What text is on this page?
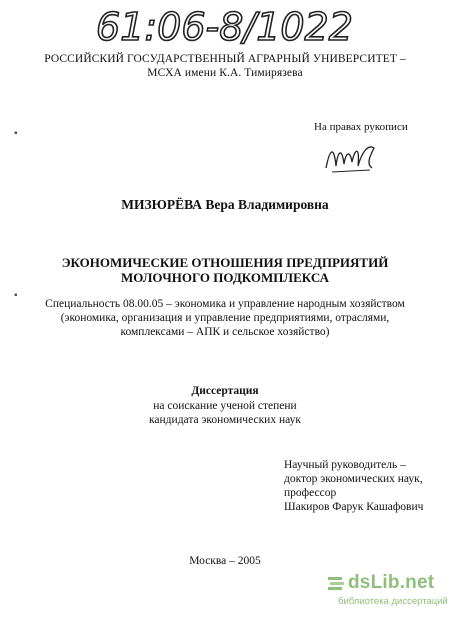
61:06-8/1022
РОССИЙСКИЙ ГОСУДАРСТВЕННЫЙ АГРАРНЫЙ УНИВЕРСИТЕТ –
МСХА имени К.А. Тимирязева
▪
▪
На правах рукописи
МИЗЮРЁВА Вера Владимировна
ЭКОНОМИЧЕСКИЕ ОТНОШЕНИЯ ПРЕДПРИЯТИЙ
МОЛОЧНОГО ПОДКОМПЛЕКСА
Специальность 08.00.05 – экономика и управление народным хозяйством
(экономика, организация и управление предприятиями, отраслями,
комплексами – АПК и сельское хозяйство)
Диссертация
на соискание ученой степени
кандидата экономических наук
Научный руководитель –
доктор экономических наук,
профессор
Шакиров Фарук Кашафович
Москва – 2005
dsLib.net
библиотека диссертаций
